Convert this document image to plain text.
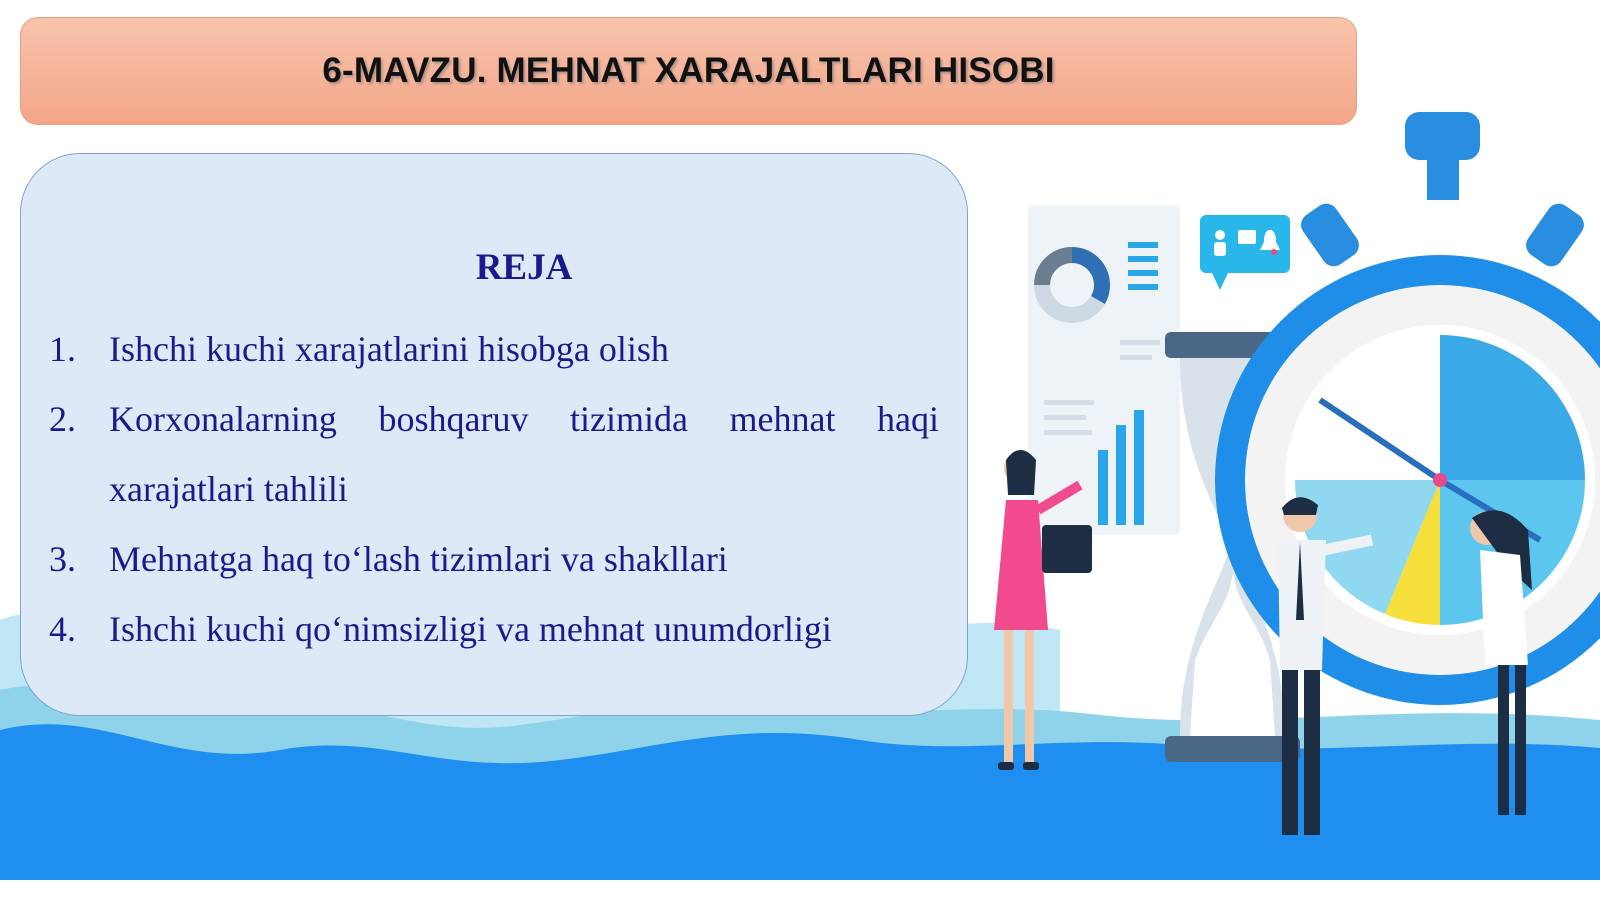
6-MAVZU. MEHNAT XARAJALTLARI HISOBI
REJA
1. Ishchi kuchi xarajatlarini hisobga olish
2. Korxonalarning boshqaruv tizimida mehnat haqi xarajatlari tahlili
3. Mehnatga haq to‘lash tizimlari va shakllari
4. Ishchi kuchi qo‘nimsizligi va mehnat unumdorligi
